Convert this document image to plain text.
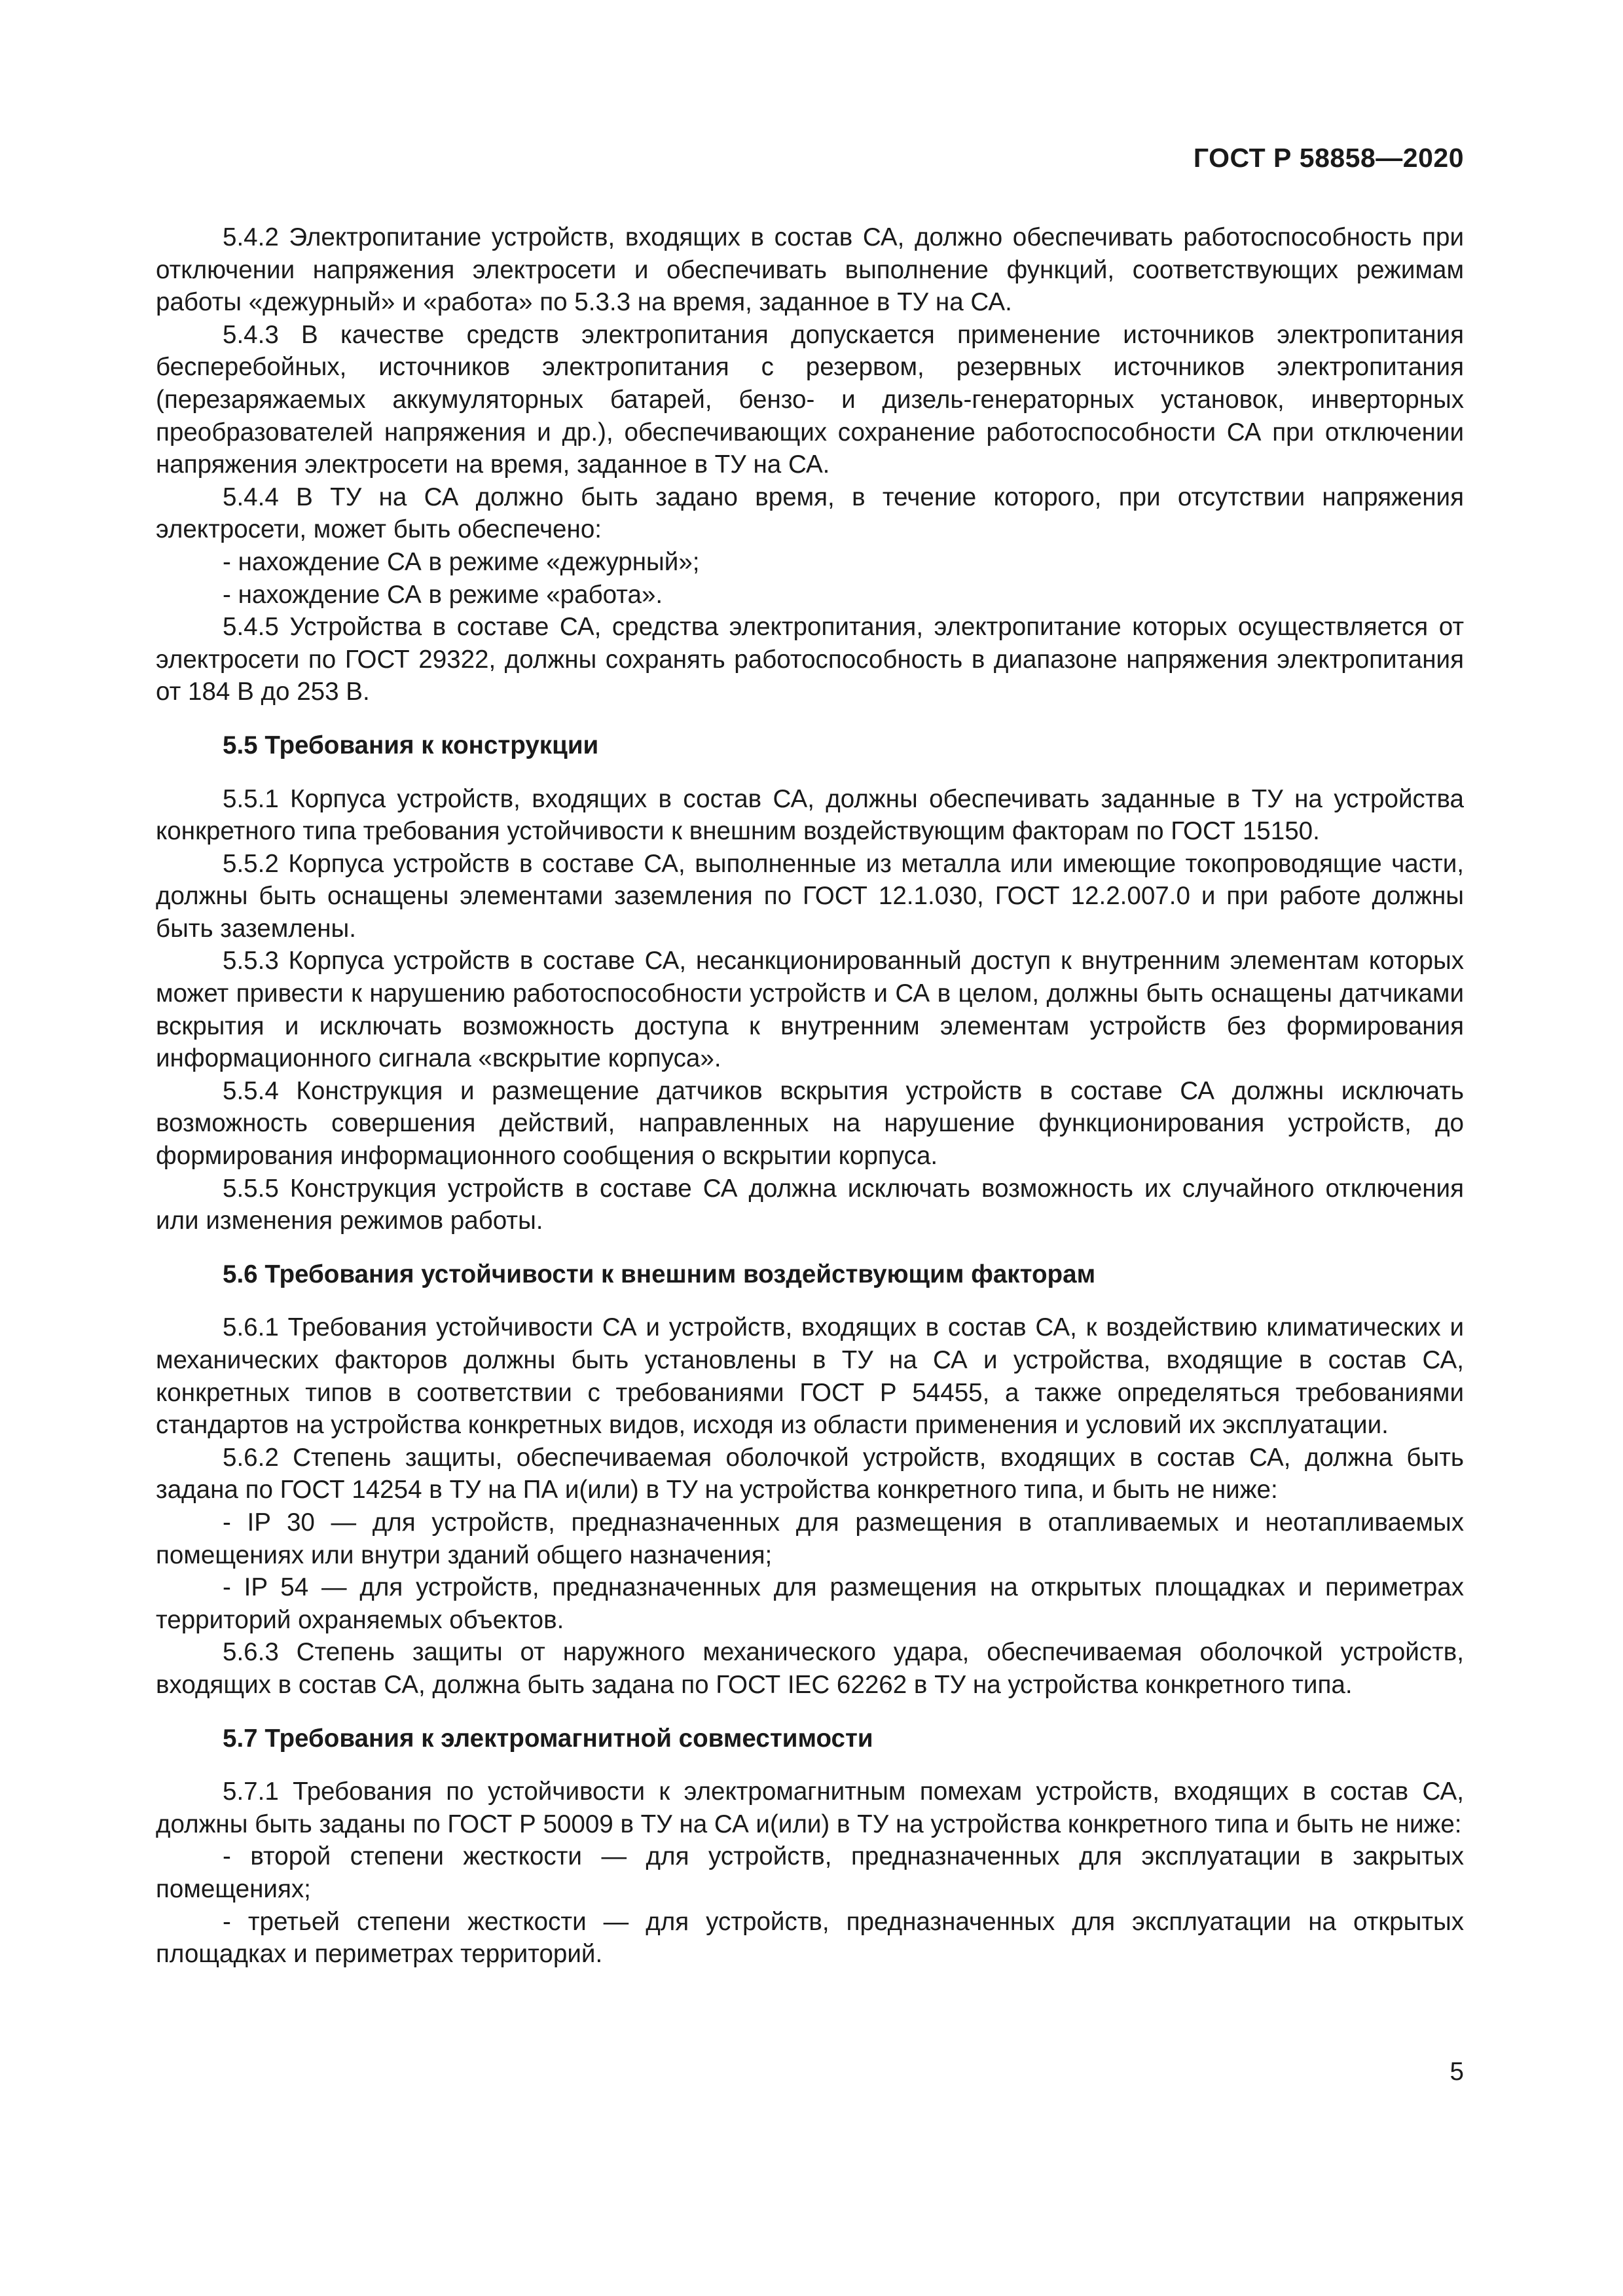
ГОСТ Р 58858—2020

5.4.2 Электропитание устройств, входящих в состав СА, должно обеспечивать работоспособность при отключении напряжения электросети и обеспечивать выполнение функций, соответствующих режимам работы «дежурный» и «работа» по 5.3.3 на время, заданное в ТУ на СА.

5.4.3 В качестве средств электропитания допускается применение источников электропитания бесперебойных, источников электропитания с резервом, резервных источников электропитания (перезаряжаемых аккумуляторных батарей, бензо- и дизель-генераторных установок, инверторных преобразователей напряжения и др.), обеспечивающих сохранение работоспособности СА при отключении напряжения электросети на время, заданное в ТУ на СА.

5.4.4 В ТУ на СА должно быть задано время, в течение которого, при отсутствии напряжения электросети, может быть обеспечено:

- нахождение СА в режиме «дежурный»;

- нахождение СА в режиме «работа».

5.4.5 Устройства в составе СА, средства электропитания, электропитание которых осуществляется от электросети по ГОСТ 29322, должны сохранять работоспособность в диапазоне напряжения электропитания от 184 В до 253 В.

5.5 Требования к конструкции

5.5.1 Корпуса устройств, входящих в состав СА, должны обеспечивать заданные в ТУ на устройства конкретного типа требования устойчивости к внешним воздействующим факторам по ГОСТ 15150.

5.5.2 Корпуса устройств в составе СА, выполненные из металла или имеющие токопроводящие части, должны быть оснащены элементами заземления по ГОСТ 12.1.030, ГОСТ 12.2.007.0 и при работе должны быть заземлены.

5.5.3 Корпуса устройств в составе СА, несанкционированный доступ к внутренним элементам которых может привести к нарушению работоспособности устройств и СА в целом, должны быть оснащены датчиками вскрытия и исключать возможность доступа к внутренним элементам устройств без формирования информационного сигнала «вскрытие корпуса».

5.5.4 Конструкция и размещение датчиков вскрытия устройств в составе СА должны исключать возможность совершения действий, направленных на нарушение функционирования устройств, до формирования информационного сообщения о вскрытии корпуса.

5.5.5 Конструкция устройств в составе СА должна исключать возможность их случайного отключения или изменения режимов работы.

5.6 Требования устойчивости к внешним воздействующим факторам

5.6.1 Требования устойчивости СА и устройств, входящих в состав СА, к воздействию климатических и механических факторов должны быть установлены в ТУ на СА и устройства, входящие в состав СА, конкретных типов в соответствии с требованиями ГОСТ Р 54455, а также определяться требованиями стандартов на устройства конкретных видов, исходя из области применения и условий их эксплуатации.

5.6.2 Степень защиты, обеспечиваемая оболочкой устройств, входящих в состав СА, должна быть задана по ГОСТ 14254 в ТУ на ПА и(или) в ТУ на устройства конкретного типа, и быть не ниже:

- IP 30 — для устройств, предназначенных для размещения в отапливаемых и неотапливаемых помещениях или внутри зданий общего назначения;

- IP 54 — для устройств, предназначенных для размещения на открытых площадках и периметрах территорий охраняемых объектов.

5.6.3 Степень защиты от наружного механического удара, обеспечиваемая оболочкой устройств, входящих в состав СА, должна быть задана по ГОСТ IEC 62262 в ТУ на устройства конкретного типа.

5.7 Требования к электромагнитной совместимости

5.7.1 Требования по устойчивости к электромагнитным помехам устройств, входящих в состав СА, должны быть заданы по ГОСТ Р 50009 в ТУ на СА и(или) в ТУ на устройства конкретного типа и быть не ниже:

- второй степени жесткости — для устройств, предназначенных для эксплуатации в закрытых помещениях;

- третьей степени жесткости — для устройств, предназначенных для эксплуатации на открытых площадках и периметрах территорий.

5
